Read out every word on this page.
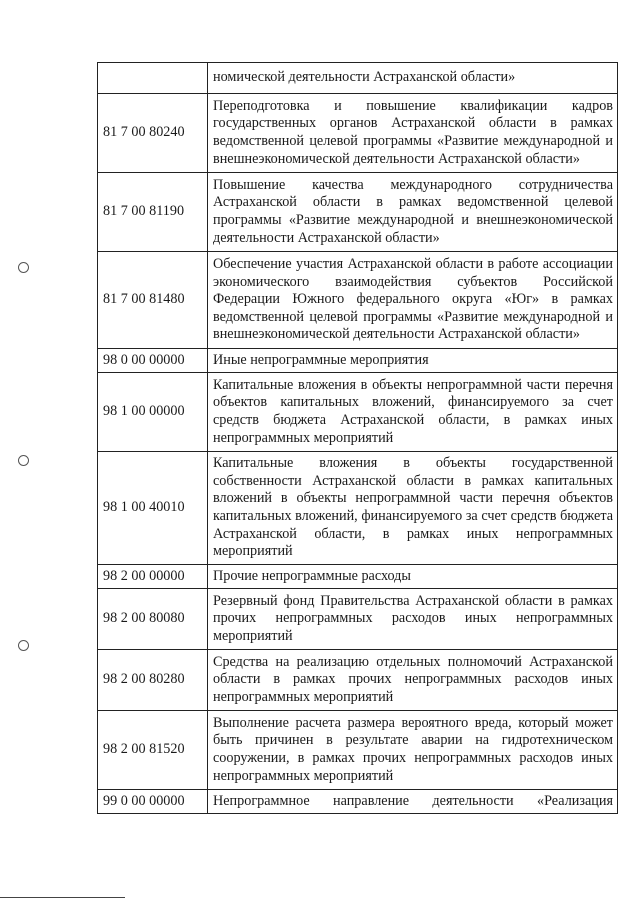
	номической деятельности Астраханской области»
81 7 00 80240	Переподготовка и повышение квалификации кадров государственных органов Астраханской области в рамках ведомственной целевой программы «Развитие международной и внешнеэкономической деятельности Астраханской области»
81 7 00 81190	Повышение качества международного сотрудничества Астраханской области в рамках ведомственной целевой программы «Развитие международной и внешнеэкономической деятельности Астраханской области»
81 7 00 81480	Обеспечение участия Астраханской области в работе ассоциации экономического взаимодействия субъектов Российской Федерации Южного федерального округа «Юг» в рамках ведомственной целевой программы «Развитие международной и внешнеэкономической деятельности Астраханской области»
98 0 00 00000	Иные непрограммные мероприятия
98 1 00 00000	Капитальные вложения в объекты непрограммной части перечня объектов капитальных вложений, финансируемого за счет средств бюджета Астраханской области, в рамках иных непрограммных мероприятий
98 1 00 40010	Капитальные вложения в объекты государственной собственности Астраханской области в рамках капитальных вложений в объекты непрограммной части перечня объектов капитальных вложений, финансируемого за счет средств бюджета Астраханской области, в рамках иных непрограммных мероприятий
98 2 00 00000	Прочие непрограммные расходы
98 2 00 80080	Резервный фонд Правительства Астраханской области в рамках прочих непрограммных расходов иных непрограммных мероприятий
98 2 00 80280	Средства на реализацию отдельных полномочий Астраханской области в рамках прочих непрограммных расходов иных непрограммных мероприятий
98 2 00 81520	Выполнение расчета размера вероятного вреда, который может быть причинен в результате аварии на гидротехническом сооружении, в рамках прочих непрограммных расходов иных непрограммных мероприятий
99 0 00 00000	Непрограммное направление деятельности «Реализация
